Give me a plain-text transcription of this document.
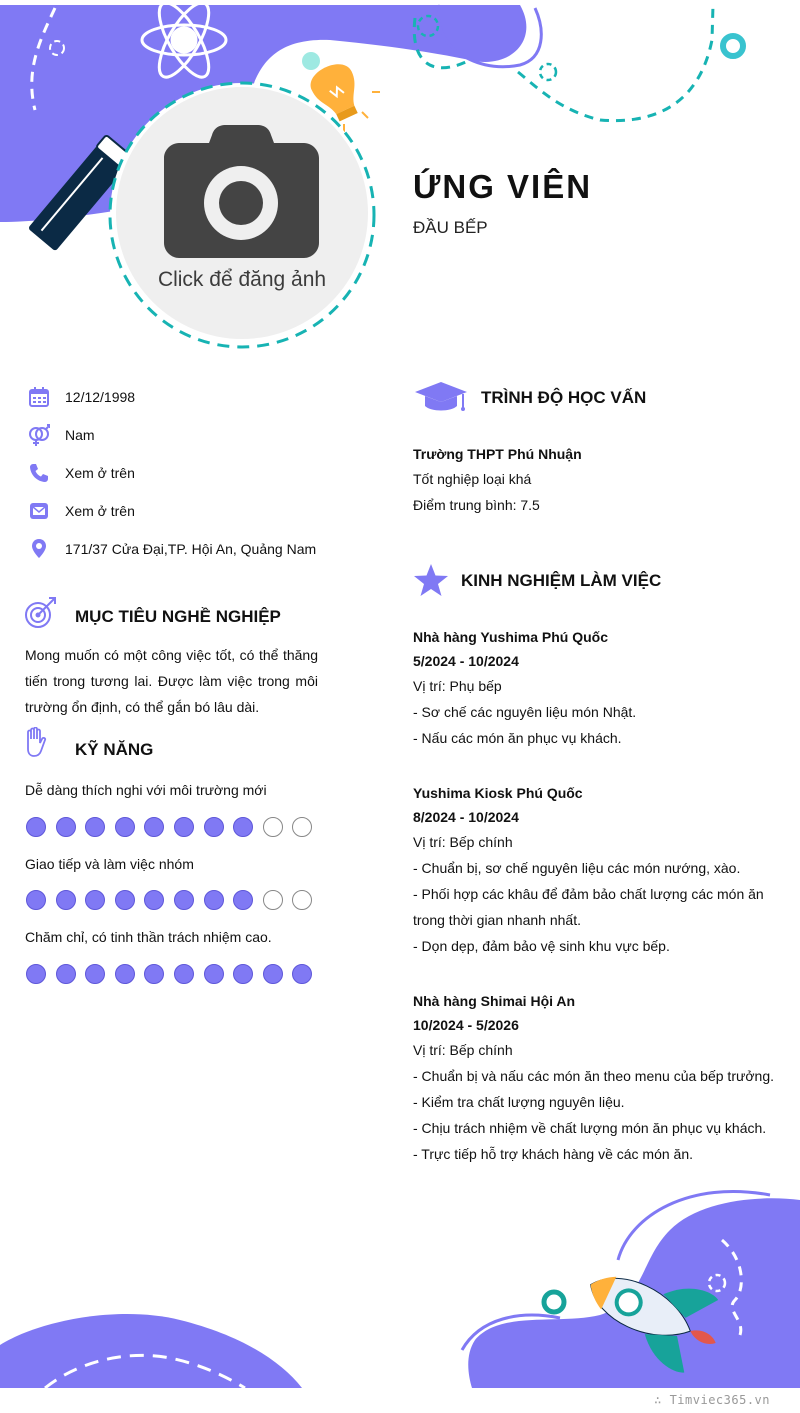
Click để đăng ảnh
ỨNG VIÊN
ĐẦU BẾP
12/12/1998
Nam
Xem ở trên
Xem ở trên
171/37 Cửa Đại,TP. Hội An, Quảng Nam
MỤC TIÊU NGHỀ NGHIỆP

Mong muốn có một công việc tốt, có thể thăng tiến trong tương lai. Được làm việc trong môi trường ổn định, có thể gắn bó lâu dài.

KỸ NĂNG
Dễ dàng thích nghi với môi trường mới
Giao tiếp và làm việc nhóm
Chăm chỉ, có tinh thần trách nhiệm cao.
TRÌNH ĐỘ HỌC VẤN
Trường THPT Phú Nhuận
Tốt nghiệp loại khá
Điểm trung bình: 7.5
KINH NGHIỆM LÀM VIỆC
Nhà hàng Yushima Phú Quốc
5/2024 - 10/2024
Vị trí: Phụ bếp
- Sơ chế các nguyên liệu món Nhật.
- Nấu các món ăn phục vụ khách.
Yushima Kiosk Phú Quốc
8/2024 - 10/2024
Vị trí: Bếp chính
- Chuẩn bị, sơ chế nguyên liệu các món nướng, xào.
- Phối hợp các khâu để đảm bảo chất lượng các món ăn
trong thời gian nhanh nhất.
- Dọn dẹp, đảm bảo vệ sinh khu vực bếp.
Nhà hàng Shimai Hội An
10/2024 - 5/2026
Vị trí: Bếp chính
- Chuẩn bị và nấu các món ăn theo menu của bếp trưởng.
- Kiểm tra chất lượng nguyên liệu.
- Chịu trách nhiệm về chất lượng món ăn phục vụ khách.
- Trực tiếp hỗ trợ khách hàng về các món ăn.
∴ Timviec365.vn
